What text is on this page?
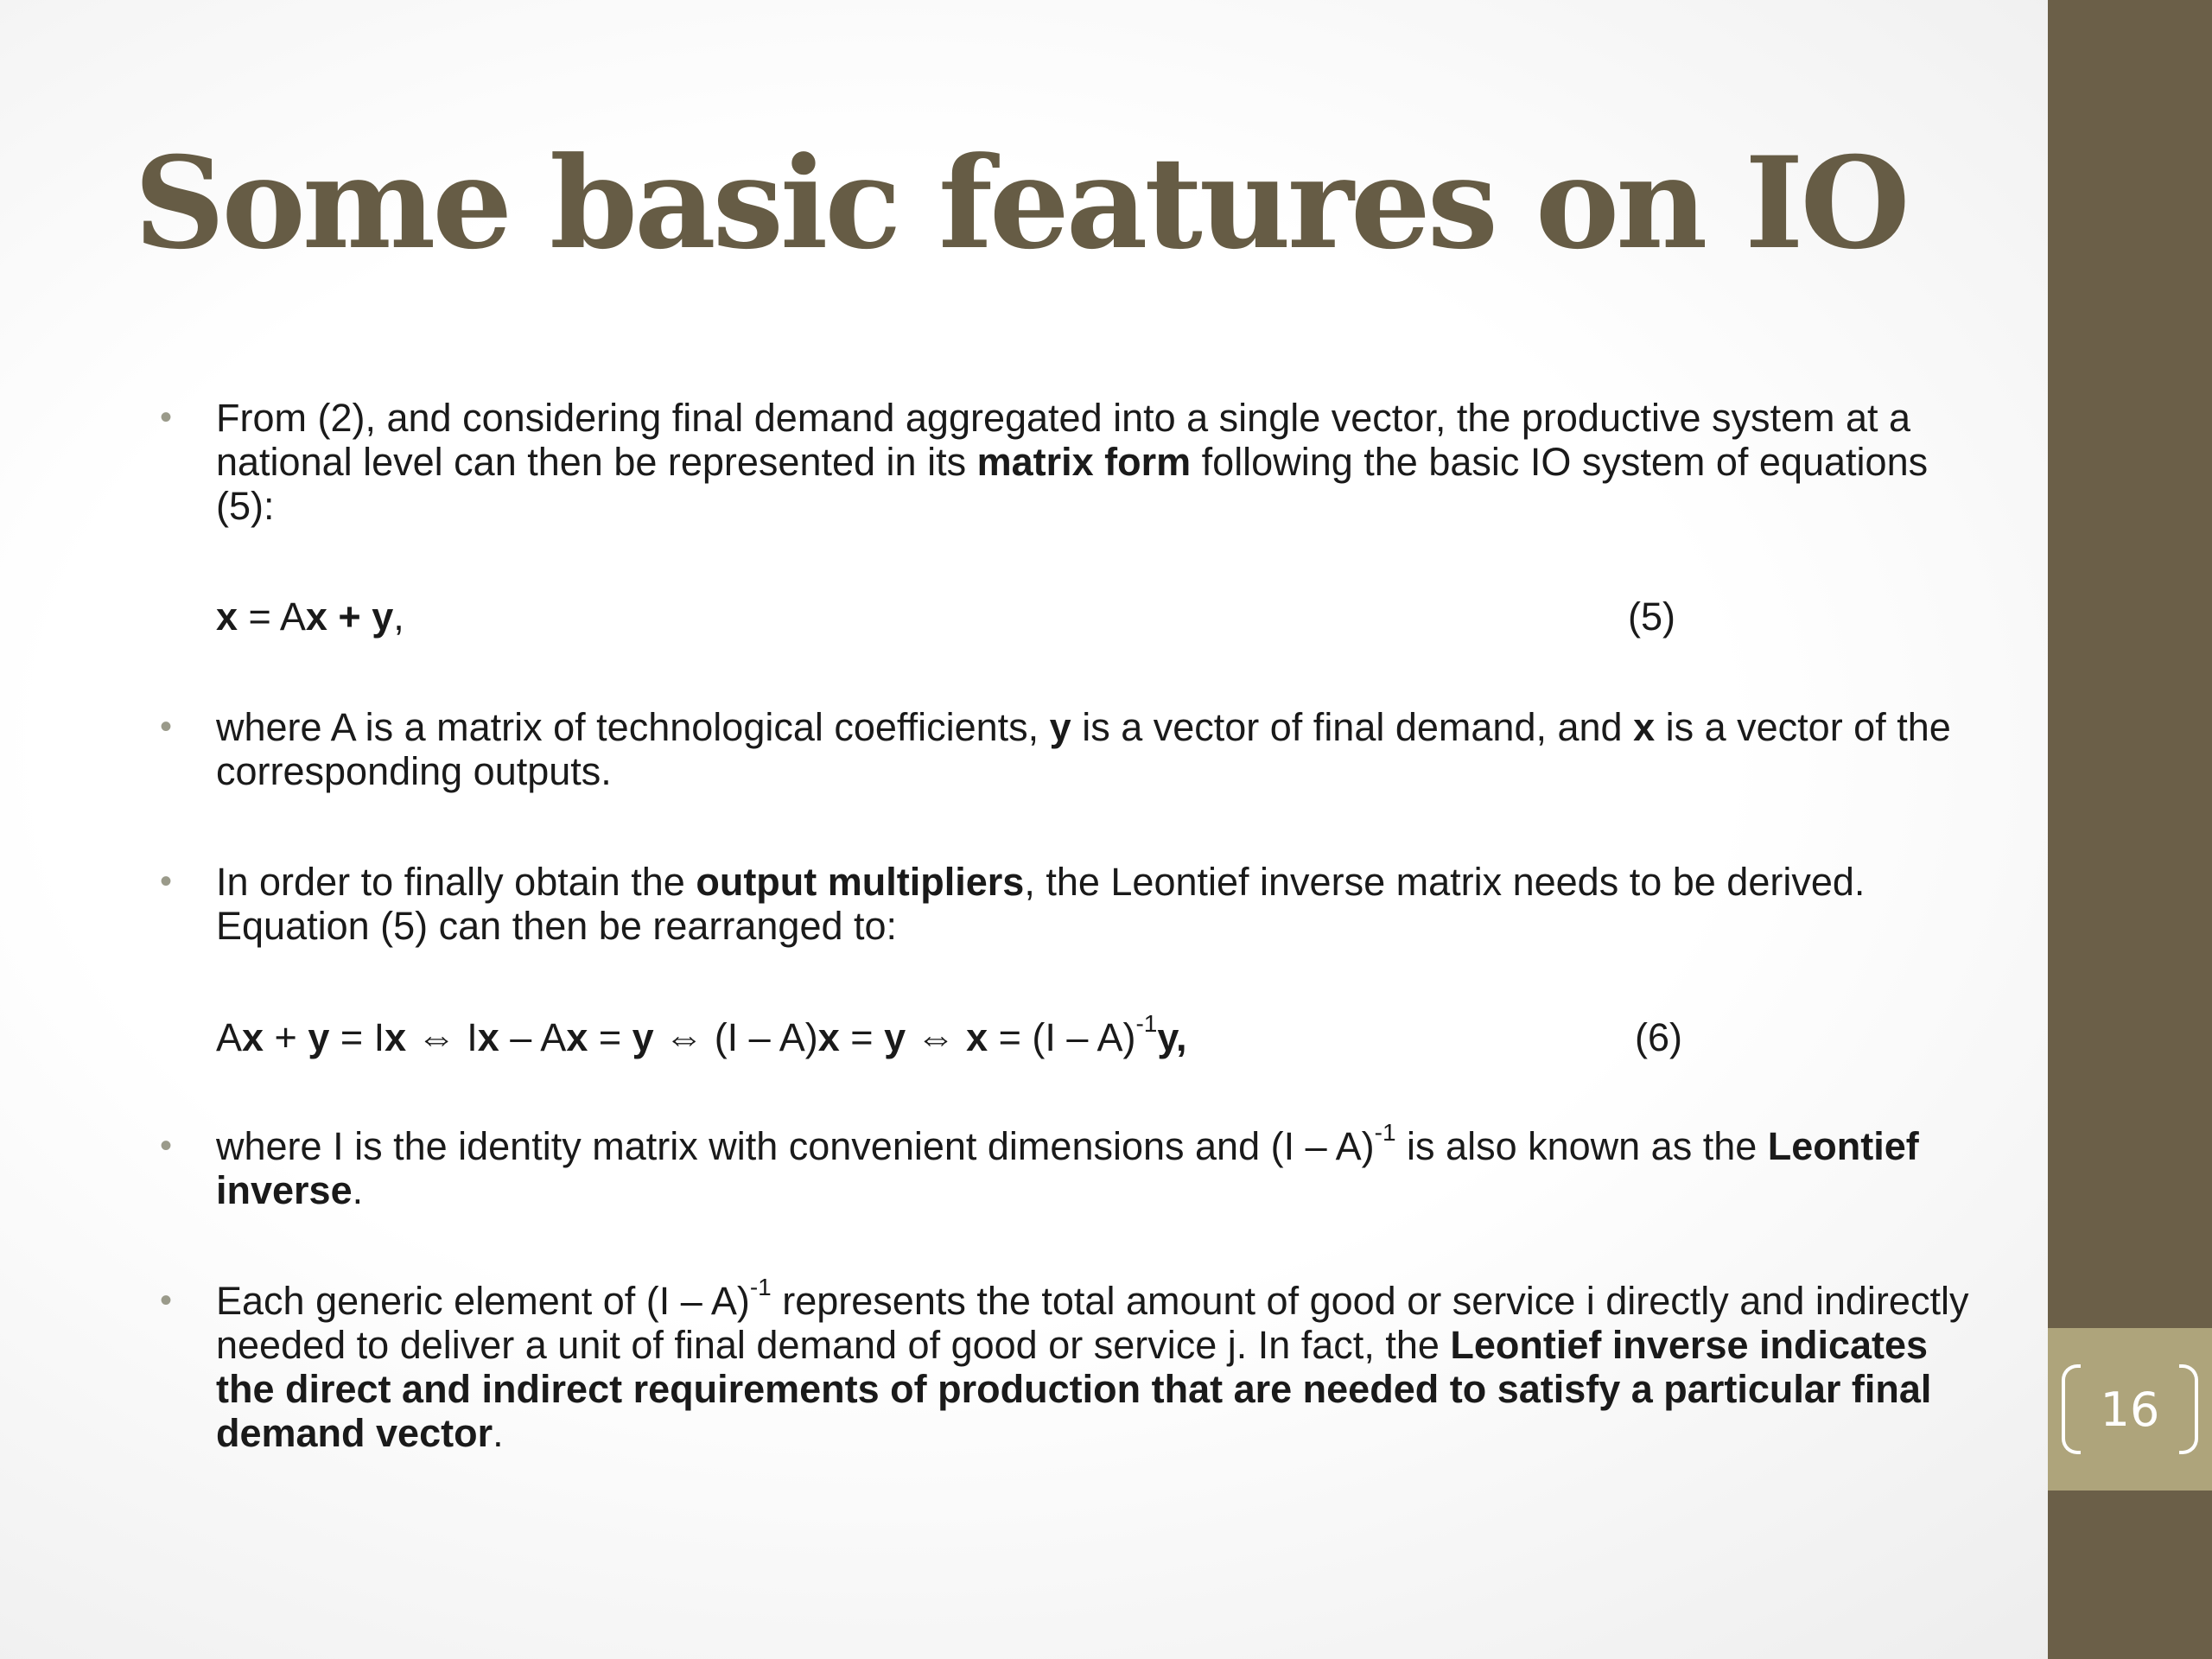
Some basic features on IO
• From (2), and considering final demand aggregated into a single vector, the productive system at a national level can then be represented in its matrix form following the basic IO system of equations (5):
x = Ax + y,	(5)
• where A is a matrix of technological coefficients, y is a vector of final demand, and x is a vector of the corresponding outputs.
• In order to finally obtain the output multipliers, the Leontief inverse matrix needs to be derived. Equation (5) can then be rearranged to:
Ax + y = Ix ⇔ Ix – Ax = y ⇔ (I – A)x = y ⇔ x = (I – A)$^{-1}$y,	(6)
• where I is the identity matrix with convenient dimensions and (I – A)$^{-1}$ is also known as the Leontief inverse.
• Each generic element of (I – A)$^{-1}$ represents the total amount of good or service i directly and indirectly needed to deliver a unit of final demand of good or service j. In fact, the Leontief inverse indicates the direct and indirect requirements of production that are needed to satisfy a particular final demand vector.	16
